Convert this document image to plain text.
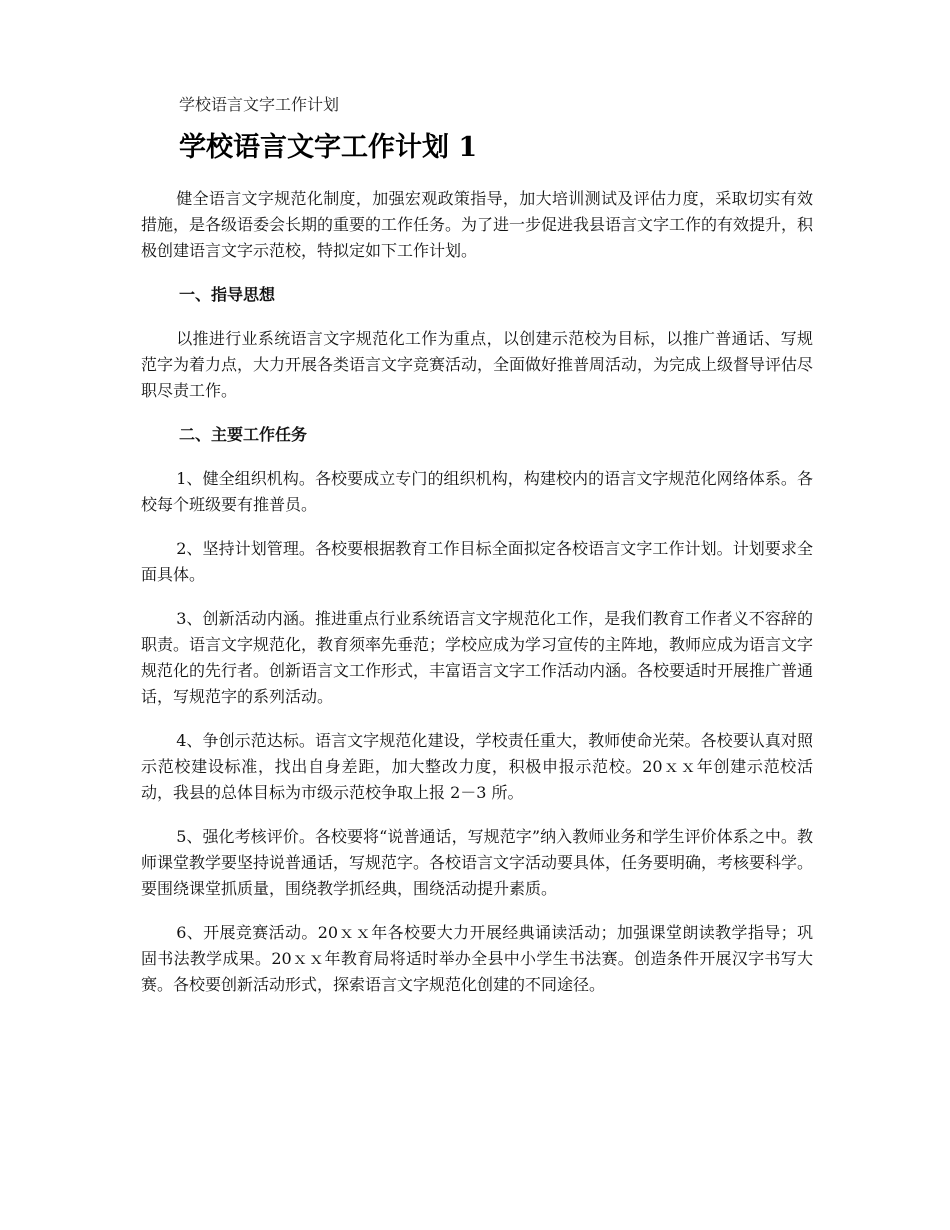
学校语言文字工作计划
学校语言文字工作计划 1

健全语言文字规范化制度，加强宏观政策指导，加大培训测试及评估力度，采取切实有效措施，是各级语委会长期的重要的工作任务。为了进一步促进我县语言文字工作的有效提升，积极创建语言文字示范校，特拟定如下工作计划。

一、指导思想

以推进行业系统语言文字规范化工作为重点，以创建示范校为目标，以推广普通话、写规范字为着力点，大力开展各类语言文字竞赛活动，全面做好推普周活动，为完成上级督导评估尽职尽责工作。

二、主要工作任务

1、健全组织机构。各校要成立专门的组织机构，构建校内的语言文字规范化网络体系。各校每个班级要有推普员。

2、坚持计划管理。各校要根据教育工作目标全面拟定各校语言文字工作计划。计划要求全面具体。

3、创新活动内涵。推进重点行业系统语言文字规范化工作，是我们教育工作者义不容辞的职责。语言文字规范化，教育须率先垂范；学校应成为学习宣传的主阵地，教师应成为语言文字规范化的先行者。创新语言文工作形式，丰富语言文字工作活动内涵。各校要适时开展推广普通话，写规范字的系列活动。

4、争创示范达标。语言文字规范化建设，学校责任重大，教师使命光荣。各校要认真对照示范校建设标准，找出自身差距，加大整改力度，积极申报示范校。20ｘｘ年创建示范校活动，我县的总体目标为市级示范校争取上报 2－3 所。

5、强化考核评价。各校要将“说普通话，写规范字”纳入教师业务和学生评价体系之中。教师课堂教学要坚持说普通话，写规范字。各校语言文字活动要具体，任务要明确，考核要科学。要围绕课堂抓质量，围绕教学抓经典，围绕活动提升素质。

6、开展竞赛活动。20ｘｘ年各校要大力开展经典诵读活动；加强课堂朗读教学指导；巩固书法教学成果。20ｘｘ年教育局将适时举办全县中小学生书法赛。创造条件开展汉字书写大赛。各校要创新活动形式，探索语言文字规范化创建的不同途径。
